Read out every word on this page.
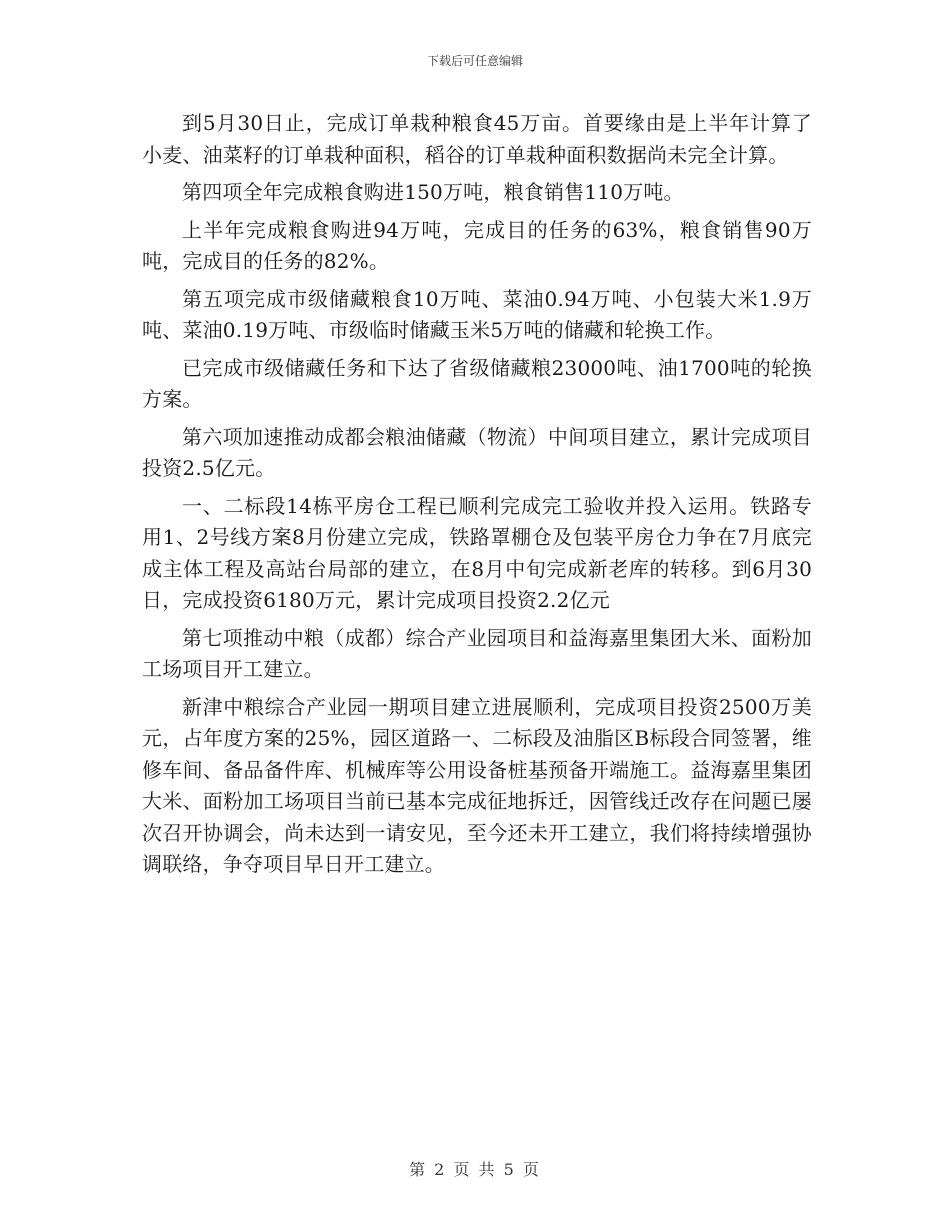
下载后可任意编辑

到5月30日止，完成订单栽种粮食45万亩。首要缘由是上半年计算了小麦、油菜籽的订单栽种面积，稻谷的订单栽种面积数据尚未完全计算。

第四项全年完成粮食购进150万吨，粮食销售110万吨。

上半年完成粮食购进94万吨，完成目的任务的63%，粮食销售90万吨，完成目的任务的82%。

第五项完成市级储藏粮食10万吨、菜油0.94万吨、小包装大米1.9万吨、菜油0.19万吨、市级临时储藏玉米5万吨的储藏和轮换工作。

已完成市级储藏任务和下达了省级储藏粮23000吨、油1700吨的轮换方案。

第六项加速推动成都会粮油储藏（物流）中间项目建立，累计完成项目投资2.5亿元。

一、二标段14栋平房仓工程已顺利完成完工验收并投入运用。铁路专用1、2号线方案8月份建立完成，铁路罩棚仓及包装平房仓力争在7月底完成主体工程及高站台局部的建立，在8月中旬完成新老库的转移。到6月30日，完成投资6180万元，累计完成项目投资2.2亿元

第七项推动中粮（成都）综合产业园项目和益海嘉里集团大米、面粉加工场项目开工建立。

新津中粮综合产业园一期项目建立进展顺利，完成项目投资2500万美元，占年度方案的25%，园区道路一、二标段及油脂区B标段合同签署，维修车间、备品备件库、机械库等公用设备桩基预备开端施工。益海嘉里集团大米、面粉加工场项目当前已基本完成征地拆迁，因管线迁改存在问题已屡次召开协调会，尚未达到一请安见，至今还未开工建立，我们将持续增强协调联络，争夺项目早日开工建立。

第 2 页 共 5 页
